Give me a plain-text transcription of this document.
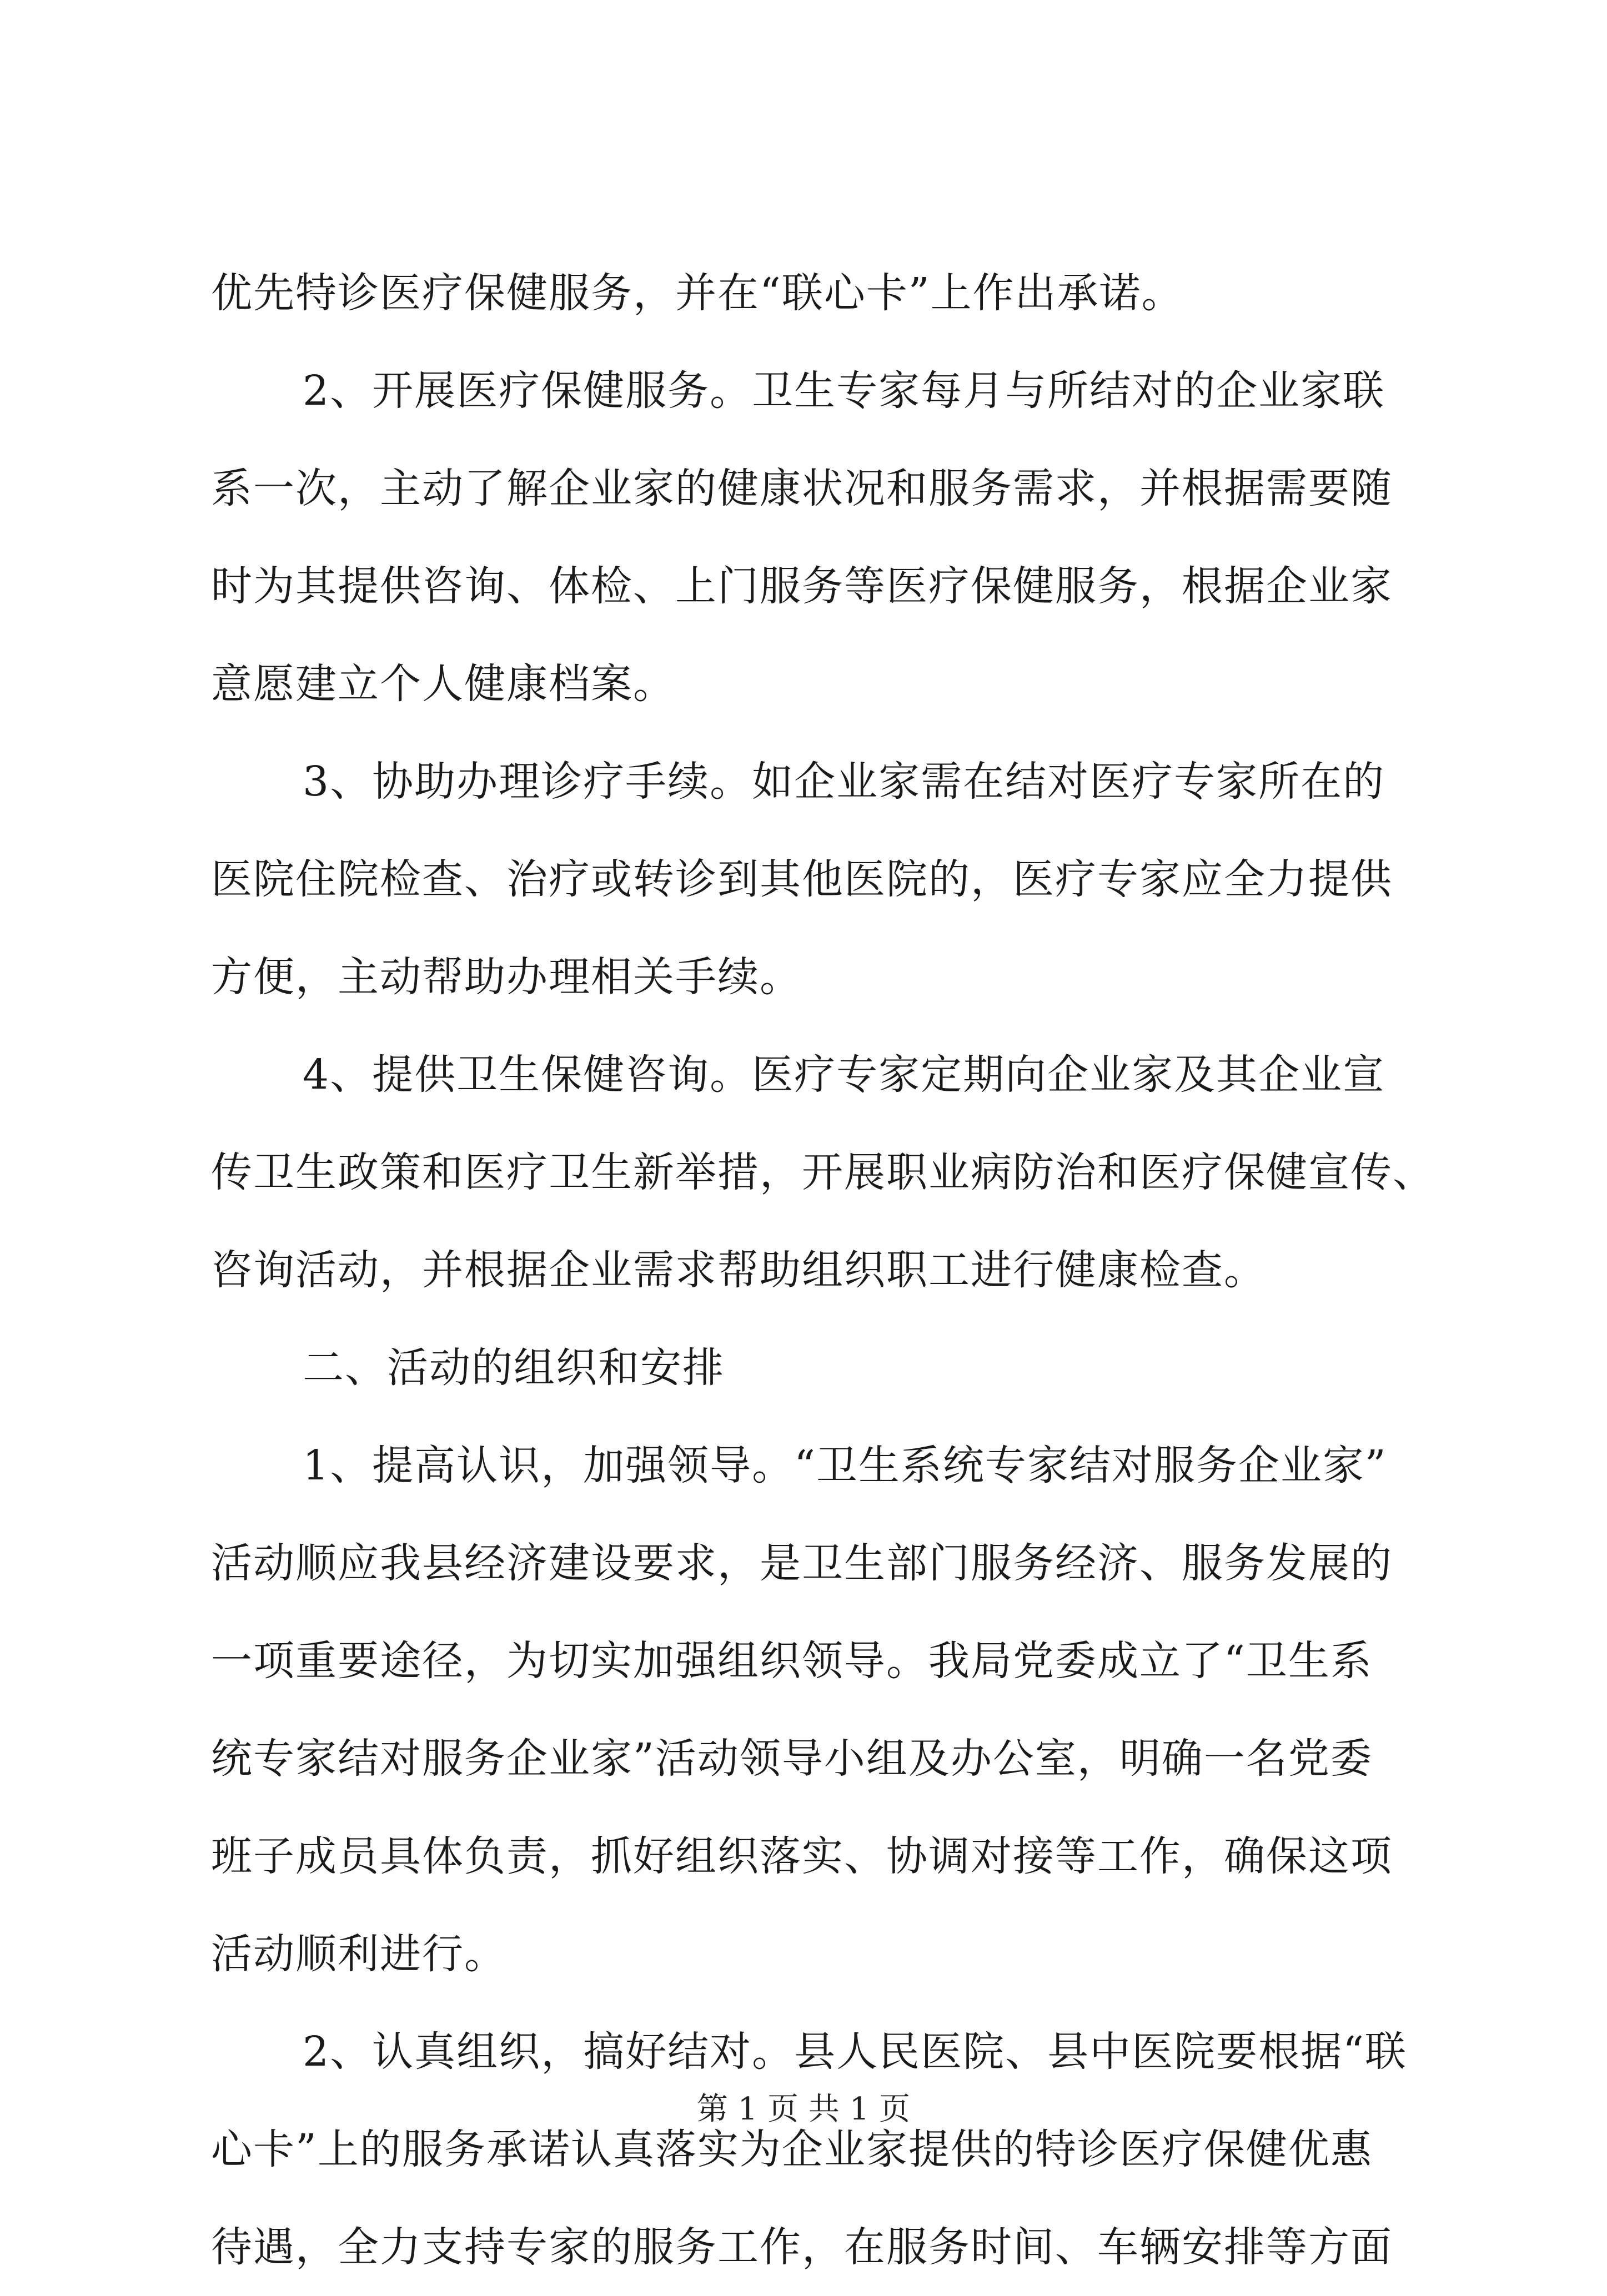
优先特诊医疗保健服务，并在“联心卡”上作出承诺。
2、开展医疗保健服务。卫生专家每月与所结对的企业家联
系一次，主动了解企业家的健康状况和服务需求，并根据需要随
时为其提供咨询、体检、上门服务等医疗保健服务，根据企业家
意愿建立个人健康档案。
3、协助办理诊疗手续。如企业家需在结对医疗专家所在的
医院住院检查、治疗或转诊到其他医院的，医疗专家应全力提供
方便，主动帮助办理相关手续。
4、提供卫生保健咨询。医疗专家定期向企业家及其企业宣
传卫生政策和医疗卫生新举措，开展职业病防治和医疗保健宣传、
咨询活动，并根据企业需求帮助组织职工进行健康检查。
二、活动的组织和安排
1、提高认识，加强领导。“卫生系统专家结对服务企业家”
活动顺应我县经济建设要求，是卫生部门服务经济、服务发展的
一项重要途径，为切实加强组织领导。我局党委成立了“卫生系
统专家结对服务企业家”活动领导小组及办公室，明确一名党委
班子成员具体负责，抓好组织落实、协调对接等工作，确保这项
活动顺利进行。
2、认真组织，搞好结对。县人民医院、县中医院要根据“联
心卡”上的服务承诺认真落实为企业家提供的特诊医疗保健优惠
待遇，全力支持专家的服务工作，在服务时间、车辆安排等方面
第 1 页 共 1 页
